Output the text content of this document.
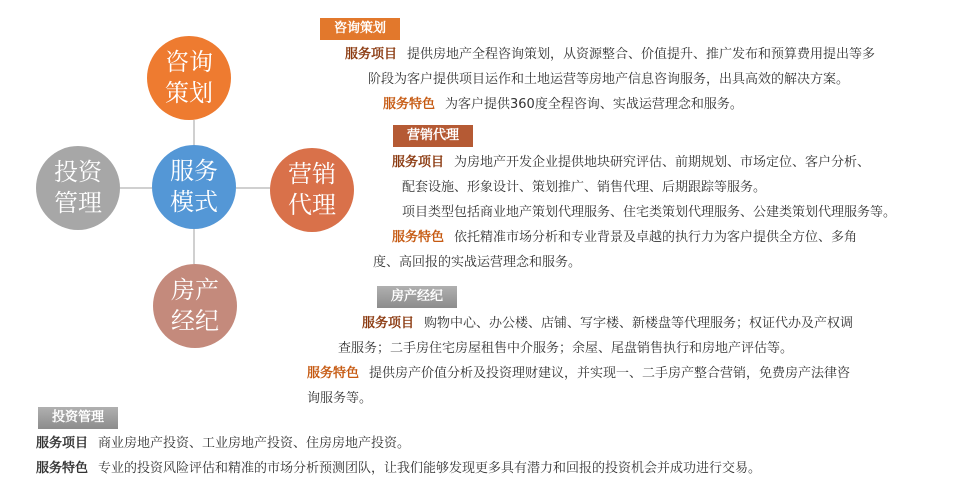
咨询策划
服务模式
营销代理
投资管理
房产经纪
咨询策划
服务项目 提供房地产全程咨询策划，从资源整合、价值提升、推广发布和预算费用提出等多
阶段为客户提供项目运作和土地运营等房地产信息咨询服务，出具高效的解决方案。
服务特色 为客户提供360度全程咨询、实战运营理念和服务。
营销代理
服务项目 为房地产开发企业提供地块研究评估、前期规划、市场定位、客户分析、
配套设施、形象设计、策划推广、销售代理、后期跟踪等服务。
项目类型包括商业地产策划代理服务、住宅类策划代理服务、公建类策划代理服务等。
服务特色 依托精准市场分析和专业背景及卓越的执行力为客户提供全方位、多角
度、高回报的实战运营理念和服务。
房产经纪
服务项目 购物中心、办公楼、店铺、写字楼、新楼盘等代理服务；权证代办及产权调
查服务；二手房住宅房屋租售中介服务；余屋、尾盘销售执行和房地产评估等。
服务特色 提供房产价值分析及投资理财建议，并实现一、二手房产整合营销，免费房产法律咨
询服务等。
投资管理
服务项目 商业房地产投资、工业房地产投资、住房房地产投资。
服务特色 专业的投资风险评估和精准的市场分析预测团队，让我们能够发现更多具有潜力和回报的投资机会并成功进行交易。
